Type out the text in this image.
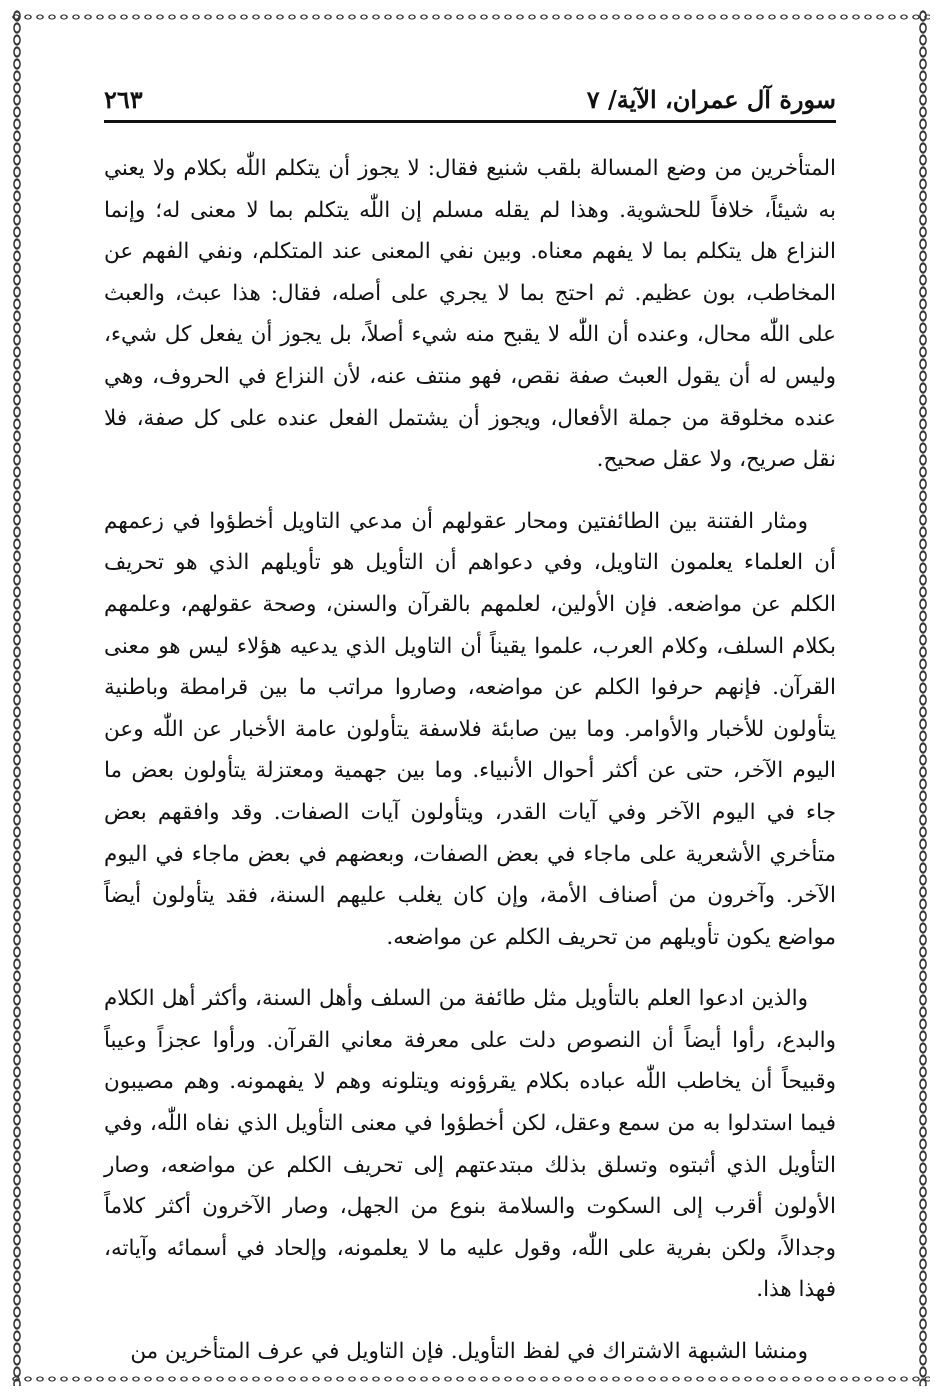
سورة آل عمران، الآية/ ٧
٢٦٣

المتأخرين من وضع المسالة بلقب شنيع فقال: لا يجوز أن يتكلم اللّٰه بكلام ولا يعني به شيئاً، خلافاً للحشوية. وهذا لم يقله مسلم إن اللّٰه يتكلم بما لا معنى له؛ وإنما النزاع هل يتكلم بما لا يفهم معناه. وبين نفي المعنى عند المتكلم، ونفي الفهم عن المخاطب، بون عظيم. ثم احتج بما لا يجري على أصله، فقال: هذا عبث، والعبث على اللّٰه محال، وعنده أن اللّٰه لا يقبح منه شيء أصلاً، بل يجوز أن يفعل كل شيء، وليس له أن يقول العبث صفة نقص، فهو منتف عنه، لأن النزاع في الحروف، وهي عنده مخلوقة من جملة الأفعال، ويجوز أن يشتمل الفعل عنده على كل صفة، فلا نقل صريح، ولا عقل صحيح.

ومثار الفتنة بين الطائفتين ومحار عقولهم أن مدعي التاويل أخطؤوا في زعمهم أن العلماء يعلمون التاويل، وفي دعواهم أن التأويل هو تأويلهم الذي هو تحريف الكلم عن مواضعه. فإن الأولين، لعلمهم بالقرآن والسنن، وصحة عقولهم، وعلمهم بكلام السلف، وكلام العرب، علموا يقيناً أن التاويل الذي يدعيه هؤلاء ليس هو معنى القرآن. فإنهم حرفوا الكلم عن مواضعه، وصاروا مراتب ما بين قرامطة وباطنية يتأولون للأخبار والأوامر. وما بين صابئة فلاسفة يتأولون عامة الأخبار عن اللّٰه وعن اليوم الآخر، حتى عن أكثر أحوال الأنبياء. وما بين جهمية ومعتزلة يتأولون بعض ما جاء في اليوم الآخر وفي آيات القدر، ويتأولون آيات الصفات. وقد وافقهم بعض متأخري الأشعرية على ماجاء في بعض الصفات، وبعضهم في بعض ماجاء في اليوم الآخر. وآخرون من أصناف الأمة، وإن كان يغلب عليهم السنة، فقد يتأولون أيضاً مواضع يكون تأويلهم من تحريف الكلم عن مواضعه.

والذين ادعوا العلم بالتأويل مثل طائفة من السلف وأهل السنة، وأكثر أهل الكلام والبدع، رأوا أيضاً أن النصوص دلت على معرفة معاني القرآن. ورأوا عجزاً وعيباً وقبيحاً أن يخاطب اللّٰه عباده بكلام يقرؤونه ويتلونه وهم لا يفهمونه. وهم مصيبون فيما استدلوا به من سمع وعقل، لكن أخطؤوا في معنى التأويل الذي نفاه اللّٰه، وفي التأويل الذي أثبتوه وتسلق بذلك مبتدعتهم إلى تحريف الكلم عن مواضعه، وصار الأولون أقرب إلى السكوت والسلامة بنوع من الجهل، وصار الآخرون أكثر كلاماً وجدالاً، ولكن بفرية على اللّٰه، وقول عليه ما لا يعلمونه، وإلحاد في أسمائه وآياته، فهذا هذا.

ومنشا الشبهة الاشتراك في لفظ التأويل. فإن التاويل في عرف المتأخرين من
